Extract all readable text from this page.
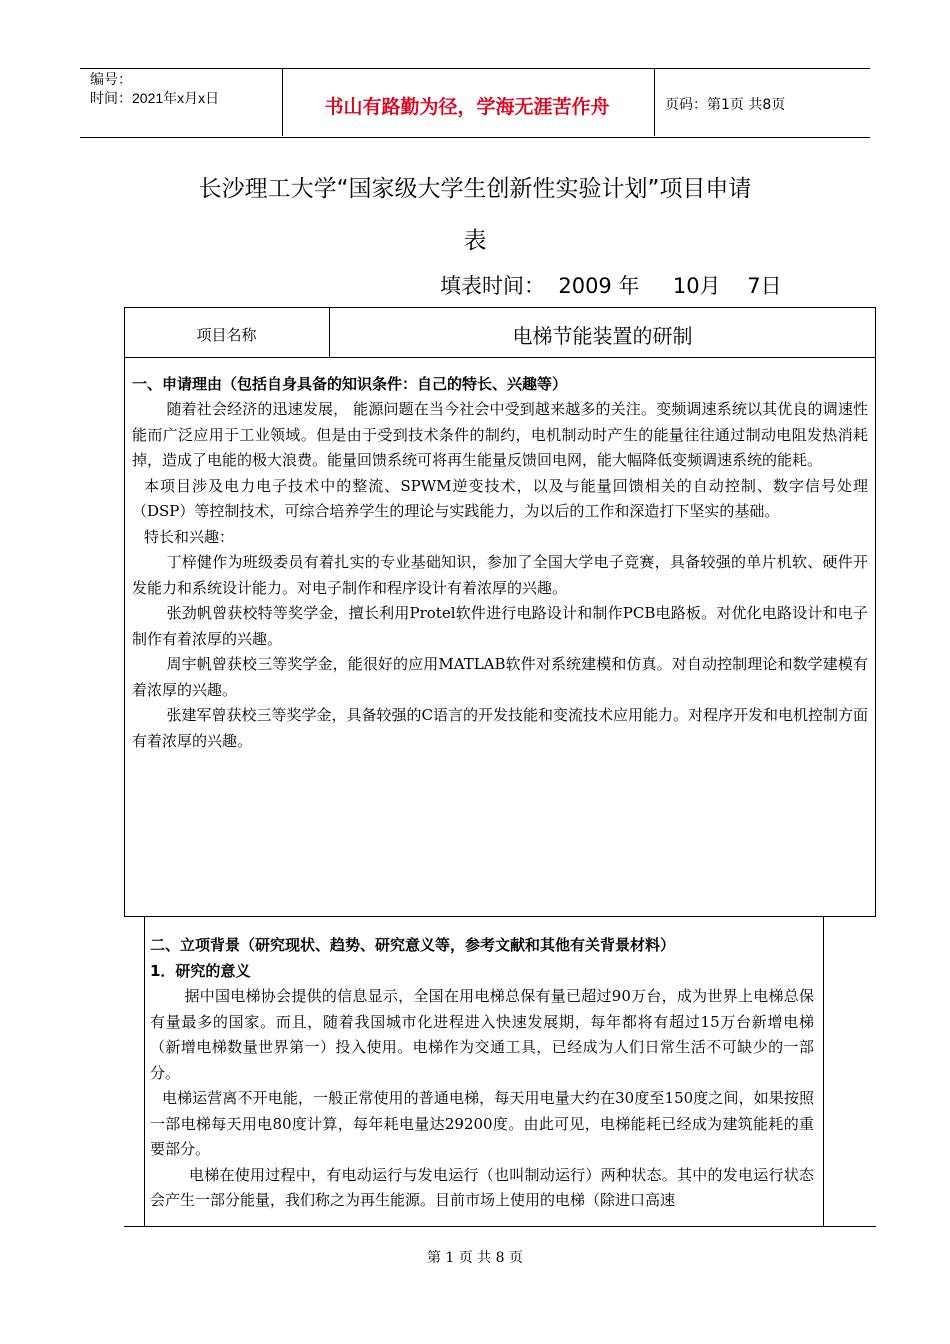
编号：
时间：2021年x月x日	书山有路勤为径，学海无涯苦作舟	页码：第1页 共8页
长沙理工大学“国家级大学生创新性实验计划”项目申请
表
填表时间：  2009 年     10月    7日
项目名称	电梯节能装置的研制
一、申请理由（包括自身具备的知识条件：自己的特长、兴趣等）

随着社会经济的迅速发展， 能源问题在当今社会中受到越来越多的关注。变频调速系统以其优良的调速性能而广泛应用于工业领域。但是由于受到技术条件的制约，电机制动时产生的能量往往通过制动电阻发热消耗掉，造成了电能的极大浪费。能量回馈系统可将再生能量反馈回电网，能大幅降低变频调速系统的能耗。

本项目涉及电力电子技术中的整流、SPWM逆变技术，以及与能量回馈相关的自动控制、数字信号处理（DSP）等控制技术，可综合培养学生的理论与实践能力，为以后的工作和深造打下坚实的基础。

特长和兴趣：

丁梓健作为班级委员有着扎实的专业基础知识，参加了全国大学电子竞赛，具备较强的单片机软、硬件开发能力和系统设计能力。对电子制作和程序设计有着浓厚的兴趣。

张劲帆曾获校特等奖学金，擅长利用Protel软件进行电路设计和制作PCB电路板。对优化电路设计和电子制作有着浓厚的兴趣。

周宇帆曾获校三等奖学金，能很好的应用MATLAB软件对系统建模和仿真。对自动控制理论和数学建模有着浓厚的兴趣。

张建军曾获校三等奖学金，具备较强的C语言的开发技能和变流技术应用能力。对程序开发和电机控制方面有着浓厚的兴趣。

二、立项背景（研究现状、趋势、研究意义等，参考文献和其他有关背景材料）
1．研究的意义

据中国电梯协会提供的信息显示，全国在用电梯总保有量已超过90万台，成为世界上电梯总保有量最多的国家。而且，随着我国城市化进程进入快速发展期，每年都将有超过15万台新增电梯（新增电梯数量世界第一）投入使用。电梯作为交通工具，已经成为人们日常生活不可缺少的一部分。

电梯运营离不开电能，一般正常使用的普通电梯，每天用电量大约在30度至150度之间，如果按照一部电梯每天用电80度计算，每年耗电量达29200度。由此可见，电梯能耗已经成为建筑能耗的重要部分。

电梯在使用过程中，有电动运行与发电运行（也叫制动运行）两种状态。其中的发电运行状态会产生一部分能量，我们称之为再生能源。目前市场上使用的电梯（除进口高速

第 1 页 共 8 页
